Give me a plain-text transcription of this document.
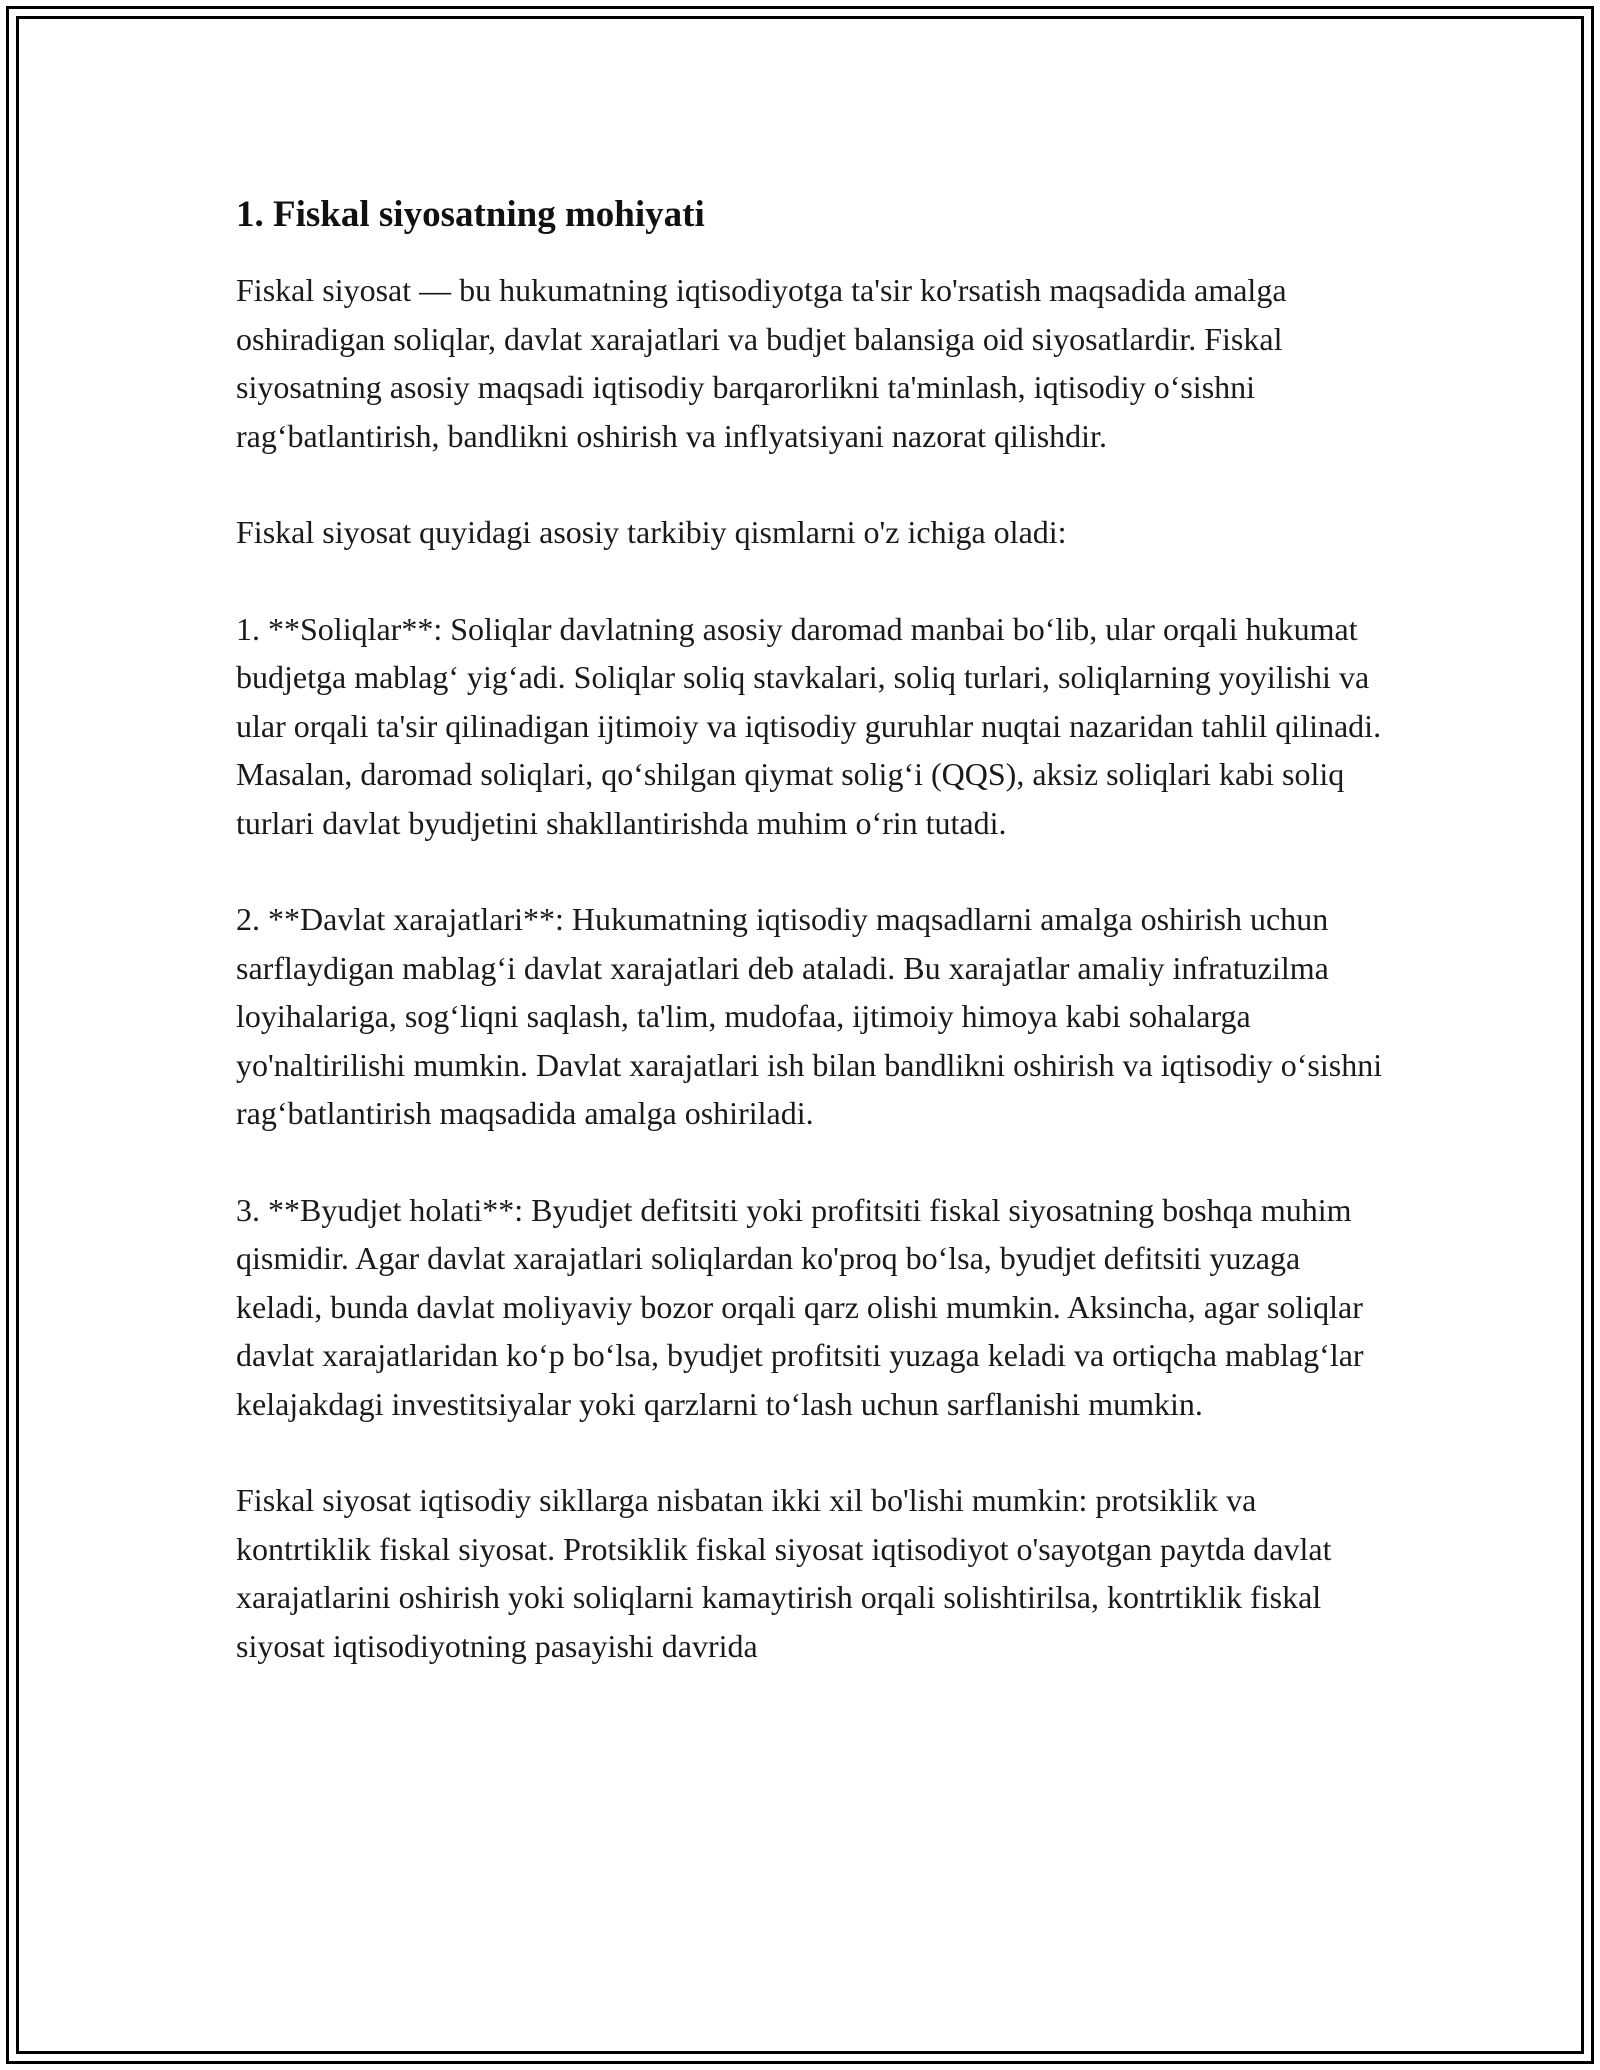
1. Fiskal siyosatning mohiyati

Fiskal siyosat — bu hukumatning iqtisodiyotga ta'sir ko'rsatish maqsadida amalga oshiradigan soliqlar, davlat xarajatlari va budjet balansiga oid siyosatlardir. Fiskal siyosatning asosiy maqsadi iqtisodiy barqarorlikni ta'minlash, iqtisodiy o‘sishni rag‘batlantirish, bandlikni oshirish va inflyatsiyani nazorat qilishdir.

Fiskal siyosat quyidagi asosiy tarkibiy qismlarni o'z ichiga oladi:

1. **Soliqlar**: Soliqlar davlatning asosiy daromad manbai bo‘lib, ular orqali hukumat budjetga mablag‘ yig‘adi. Soliqlar soliq stavkalari, soliq turlari, soliqlarning yoyilishi va ular orqali ta'sir qilinadigan ijtimoiy va iqtisodiy guruhlar nuqtai nazaridan tahlil qilinadi. Masalan, daromad soliqlari, qo‘shilgan qiymat solig‘i (QQS), aksiz soliqlari kabi soliq turlari davlat byudjetini shakllantirishda muhim o‘rin tutadi.

2. **Davlat xarajatlari**: Hukumatning iqtisodiy maqsadlarni amalga oshirish uchun sarflaydigan mablag‘i davlat xarajatlari deb ataladi. Bu xarajatlar amaliy infratuzilma loyihalariga, sog‘liqni saqlash, ta'lim, mudofaa, ijtimoiy himoya kabi sohalarga yo'naltirilishi mumkin. Davlat xarajatlari ish bilan bandlikni oshirish va iqtisodiy o‘sishni rag‘batlantirish maqsadida amalga oshiriladi.

3. **Byudjet holati**: Byudjet defitsiti yoki profitsiti fiskal siyosatning boshqa muhim qismidir. Agar davlat xarajatlari soliqlardan ko'proq bo‘lsa, byudjet defitsiti yuzaga keladi, bunda davlat moliyaviy bozor orqali qarz olishi mumkin. Aksincha, agar soliqlar davlat xarajatlaridan ko‘p bo‘lsa, byudjet profitsiti yuzaga keladi va ortiqcha mablag‘lar kelajakdagi investitsiyalar yoki qarzlarni to‘lash uchun sarflanishi mumkin.

Fiskal siyosat iqtisodiy sikllarga nisbatan ikki xil bo'lishi mumkin: protsiklik va kontrtiklik fiskal siyosat. Protsiklik fiskal siyosat iqtisodiyot o'sayotgan paytda davlat xarajatlarini oshirish yoki soliqlarni kamaytirish orqali solishtirilsa, kontrtiklik fiskal siyosat iqtisodiyotning pasayishi davrida
